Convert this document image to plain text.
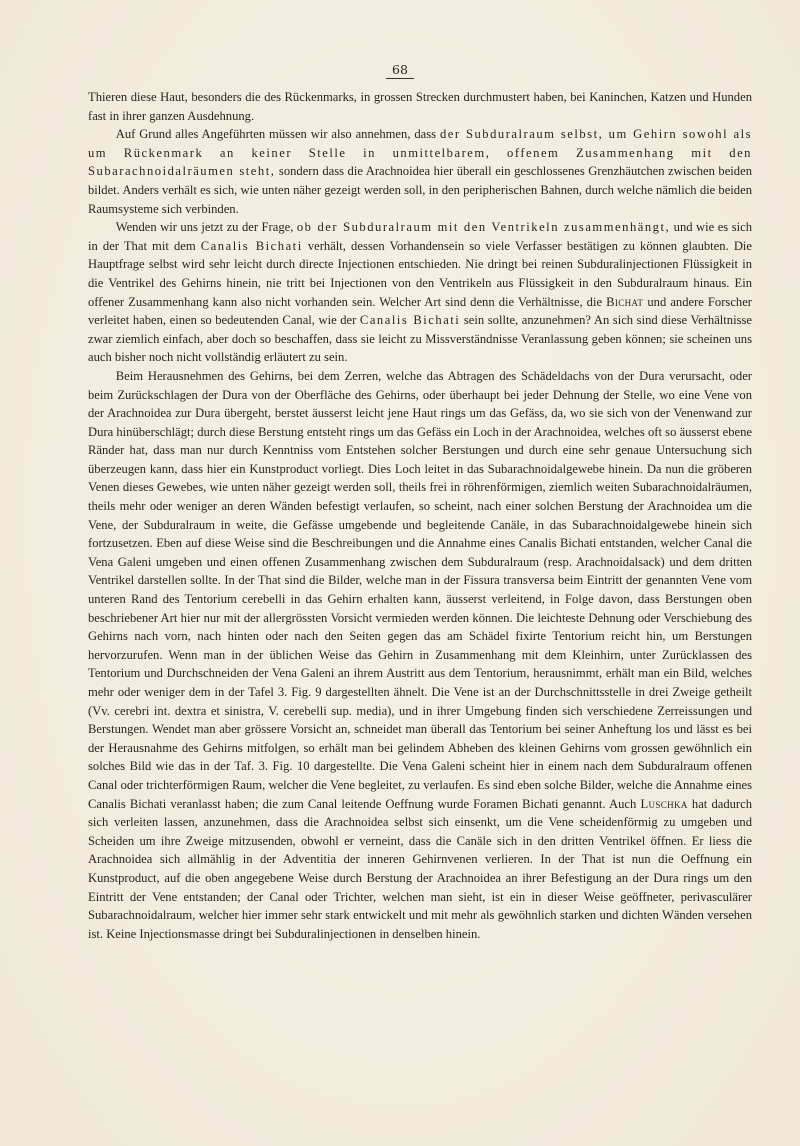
68

Thieren diese Haut, besonders die des Rückenmarks, in grossen Strecken durchmustert haben, bei Kaninchen, Katzen und Hunden fast in ihrer ganzen Ausdehnung.

Auf Grund alles Angeführten müssen wir also annehmen, dass der Subduralraum selbst, um Gehirn sowohl als um Rückenmark an keiner Stelle in unmittelbarem, offenem Zusammenhang mit den Subarachnoidalräumen steht, sondern dass die Arachnoidea hier überall ein geschlossenes Grenzhäutchen zwischen beiden bildet. Anders verhält es sich, wie unten näher gezeigt werden soll, in den peripherischen Bahnen, durch welche nämlich die beiden Raumsysteme sich verbinden.

Wenden wir uns jetzt zu der Frage, ob der Subduralraum mit den Ventrikeln zusammenhängt, und wie es sich in der That mit dem Canalis Bichati verhält, dessen Vorhandensein so viele Verfasser bestätigen zu können glaubten. Die Hauptfrage selbst wird sehr leicht durch directe Injectionen entschieden. Nie dringt bei reinen Subduralinjectionen Flüssigkeit in die Ventrikel des Gehirns hinein, nie tritt bei Injectionen von den Ventrikeln aus Flüssigkeit in den Subduralraum hinaus. Ein offener Zusammenhang kann also nicht vorhanden sein. Welcher Art sind denn die Verhältnisse, die Bichat und andere Forscher verleitet haben, einen so bedeutenden Canal, wie der Canalis Bichati sein sollte, anzunehmen? An sich sind diese Verhältnisse zwar ziemlich einfach, aber doch so beschaffen, dass sie leicht zu Missverständnisse Veranlassung geben können; sie scheinen uns auch bisher noch nicht vollständig erläutert zu sein.

Beim Herausnehmen des Gehirns, bei dem Zerren, welche das Abtragen des Schädeldachs von der Dura verursacht, oder beim Zurückschlagen der Dura von der Oberfläche des Gehirns, oder überhaupt bei jeder Dehnung der Stelle, wo eine Vene von der Arachnoidea zur Dura übergeht, berstet äusserst leicht jene Haut rings um das Gefäss, da, wo sie sich von der Venenwand zur Dura hinüberschlägt; durch diese Berstung entsteht rings um das Gefäss ein Loch in der Arachnoidea, welches oft so äusserst ebene Ränder hat, dass man nur durch Kenntniss vom Entstehen solcher Berstungen und durch eine sehr genaue Untersuchung sich überzeugen kann, dass hier ein Kunstproduct vorliegt. Dies Loch leitet in das Subarachnoidalgewebe hinein. Da nun die gröberen Venen dieses Gewebes, wie unten näher gezeigt werden soll, theils frei in röhrenförmigen, ziemlich weiten Subarachnoidalräumen, theils mehr oder weniger an deren Wänden befestigt verlaufen, so scheint, nach einer solchen Berstung der Arachnoidea um die Vene, der Subduralraum in weite, die Gefässe umgebende und begleitende Canäle, in das Subarachnoidalgewebe hinein sich fortzusetzen. Eben auf diese Weise sind die Beschreibungen und die Annahme eines Canalis Bichati entstanden, welcher Canal die Vena Galeni umgeben und einen offenen Zusammenhang zwischen dem Subduralraum (resp. Arachnoidalsack) und dem dritten Ventrikel darstellen sollte. In der That sind die Bilder, welche man in der Fissura transversa beim Eintritt der genannten Vene vom unteren Rand des Tentorium cerebelli in das Gehirn erhalten kann, äusserst verleitend, in Folge davon, dass Berstungen oben beschriebener Art hier nur mit der allergrössten Vorsicht vermieden werden können. Die leichteste Dehnung oder Verschiebung des Gehirns nach vorn, nach hinten oder nach den Seiten gegen das am Schädel fixirte Tentorium reicht hin, um Berstungen hervorzurufen. Wenn man in der üblichen Weise das Gehirn in Zusammenhang mit dem Kleinhirn, unter Zurücklassen des Tentorium und Durchschneiden der Vena Galeni an ihrem Austritt aus dem Tentorium, herausnimmt, erhält man ein Bild, welches mehr oder weniger dem in der Tafel 3. Fig. 9 dargestellten ähnelt. Die Vene ist an der Durchschnittsstelle in drei Zweige getheilt (Vv. cerebri int. dextra et sinistra, V. cerebelli sup. media), und in ihrer Umgebung finden sich verschiedene Zerreissungen und Berstungen. Wendet man aber grössere Vorsicht an, schneidet man überall das Tentorium bei seiner Anheftung los und lässt es bei der Herausnahme des Gehirns mitfolgen, so erhält man bei gelindem Abheben des kleinen Gehirns vom grossen gewöhnlich ein solches Bild wie das in der Taf. 3. Fig. 10 dargestellte. Die Vena Galeni scheint hier in einem nach dem Subduralraum offenen Canal oder trichterförmigen Raum, welcher die Vene begleitet, zu verlaufen. Es sind eben solche Bilder, welche die Annahme eines Canalis Bichati veranlasst haben; die zum Canal leitende Oeffnung wurde Foramen Bichati genannt. Auch Luschka hat dadurch sich verleiten lassen, anzunehmen, dass die Arachnoidea selbst sich einsenkt, um die Vene scheidenförmig zu umgeben und Scheiden um ihre Zweige mitzusenden, obwohl er verneint, dass die Canäle sich in den dritten Ventrikel öffnen. Er liess die Arachnoidea sich allmählig in der Adventitia der inneren Gehirnvenen verlieren. In der That ist nun die Oeffnung ein Kunstproduct, auf die oben angegebene Weise durch Berstung der Arachnoidea an ihrer Befestigung an der Dura rings um den Eintritt der Vene entstanden; der Canal oder Trichter, welchen man sieht, ist ein in dieser Weise geöffneter, perivasculärer Subarachnoidalraum, welcher hier immer sehr stark entwickelt und mit mehr als gewöhnlich starken und dichten Wänden versehen ist. Keine Injectionsmasse dringt bei Subduralinjectionen in denselben hinein.
